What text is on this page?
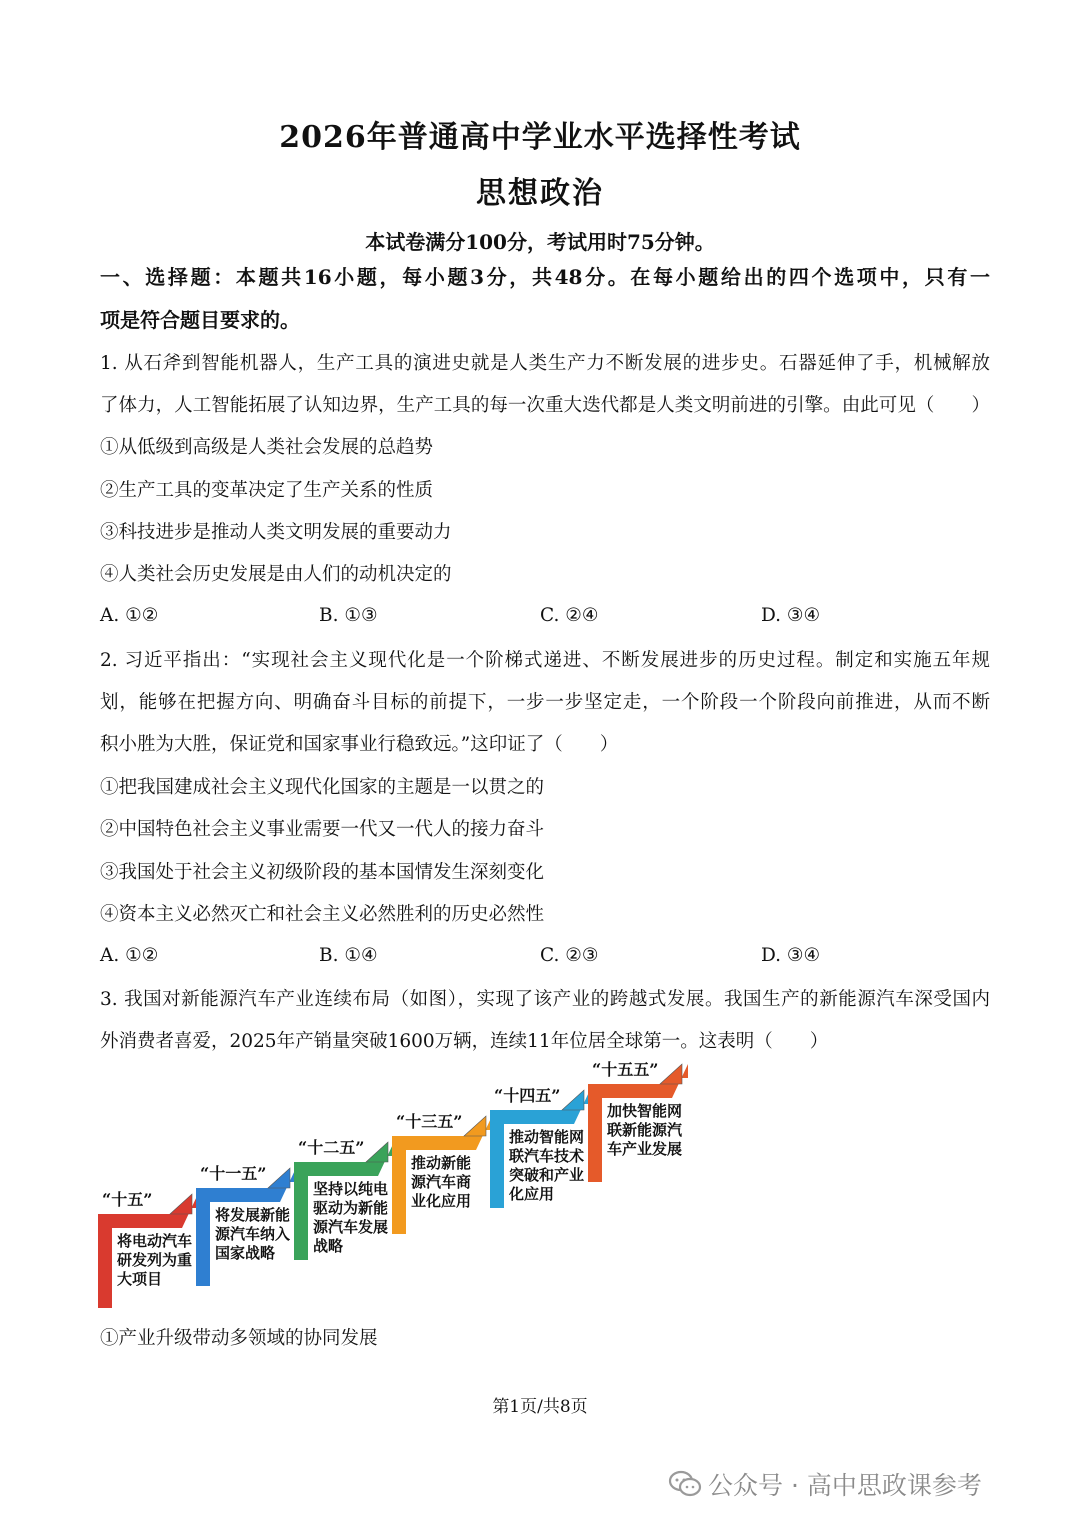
2026年普通高中学业水平选择性考试
思想政治
本试卷满分100分，考试用时75分钟。
一、选择题：本题共16小题，每小题3分，共48分。在每小题给出的四个选项中，只有一
项是符合题目要求的。
1. 从石斧到智能机器人，生产工具的演进史就是人类生产力不断发展的进步史。石器延伸了手，机械解放
了体力，人工智能拓展了认知边界，生产工具的每一次重大迭代都是人类文明前进的引擎。由此可见（　　）
①从低级到高级是人类社会发展的总趋势
②生产工具的变革决定了生产关系的性质
③科技进步是推动人类文明发展的重要动力
④人类社会历史发展是由人们的动机决定的
A. ①②	B. ①③	C. ②④	D. ③④
2. 习近平指出：“实现社会主义现代化是一个阶梯式递进、不断发展进步的历史过程。制定和实施五年规
划，能够在把握方向、明确奋斗目标的前提下，一步一步坚定走，一个阶段一个阶段向前推进，从而不断
积小胜为大胜，保证党和国家事业行稳致远。”这印证了（　　）
①把我国建成社会主义现代化国家的主题是一以贯之的
②中国特色社会主义事业需要一代又一代人的接力奋斗
③我国处于社会主义初级阶段的基本国情发生深刻变化
④资本主义必然灭亡和社会主义必然胜利的历史必然性
A. ①②	B. ①④	C. ②③	D. ③④
3. 我国对新能源汽车产业连续布局（如图），实现了该产业的跨越式发展。我国生产的新能源汽车深受国内
外消费者喜爱，2025年产销量突破1600万辆，连续11年位居全球第一。这表明（　　）
“十五”
将电动汽车
研发列为重
大项目
“十一五”
将发展新能
源汽车纳入
国家战略
“十二五”
坚持以纯电
驱动为新能
源汽车发展
战略
“十三五”
推动新能
源汽车商
业化应用
“十四五”
推动智能网
联汽车技术
突破和产业
化应用
“十五五”
加快智能网
联新能源汽
车产业发展
①产业升级带动多领域的协同发展
第1页/共8页
公众号 · 高中思政课参考
